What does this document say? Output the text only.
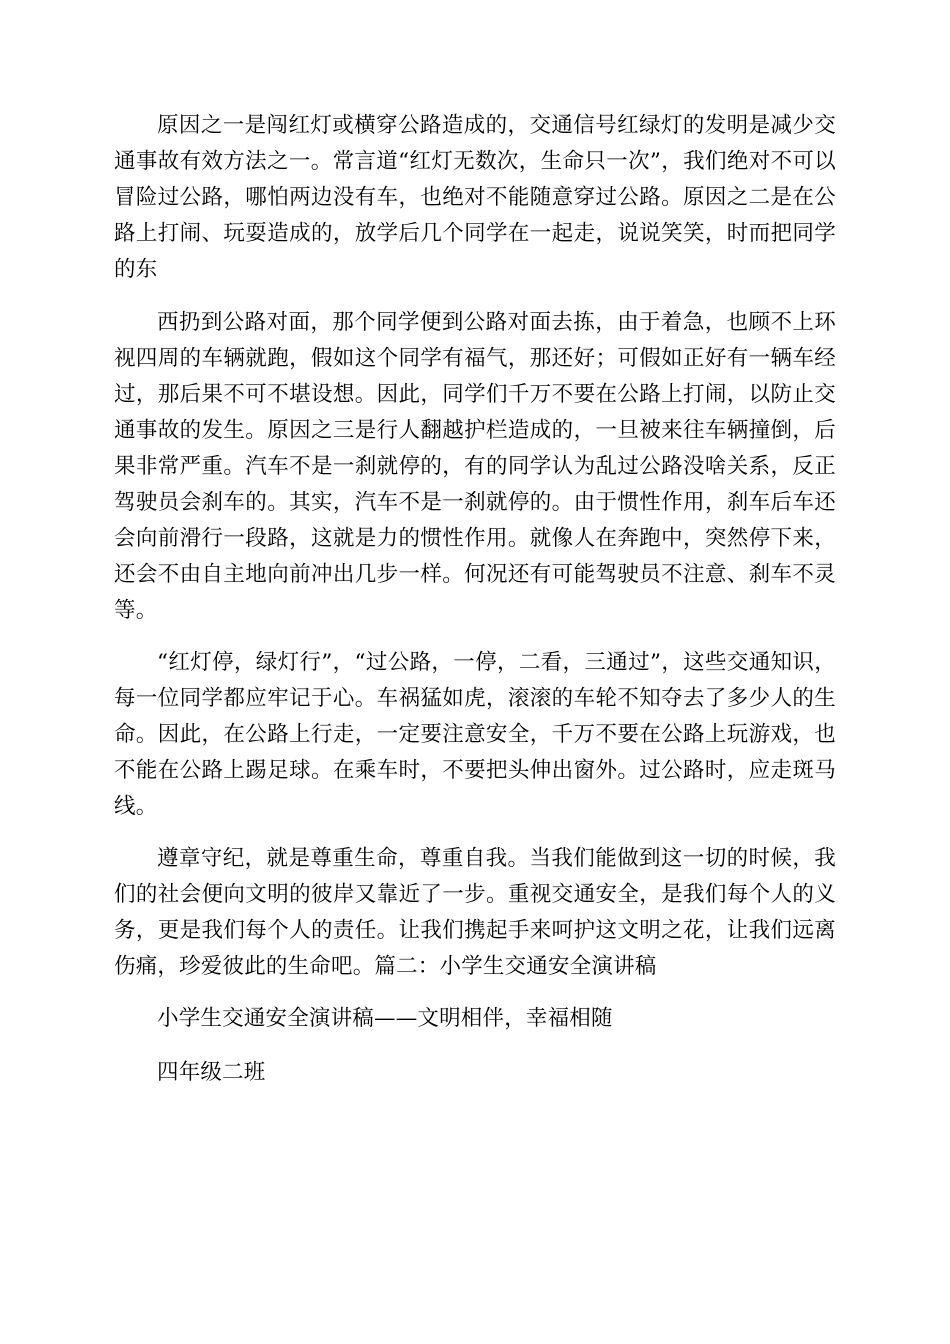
原因之一是闯红灯或横穿公路造成的，交通信号红绿灯的发明是减少交通事故有效方法之一。常言道“红灯无数次，生命只一次”，我们绝对不可以冒险过公路，哪怕两边没有车，也绝对不能随意穿过公路。原因之二是在公路上打闹、玩耍造成的，放学后几个同学在一起走，说说笑笑，时而把同学的东

西扔到公路对面，那个同学便到公路对面去拣，由于着急，也顾不上环视四周的车辆就跑，假如这个同学有福气，那还好；可假如正好有一辆车经过，那后果不可不堪设想。因此，同学们千万不要在公路上打闹，以防止交通事故的发生。原因之三是行人翻越护栏造成的，一旦被来往车辆撞倒，后果非常严重。汽车不是一刹就停的，有的同学认为乱过公路没啥关系，反正驾驶员会刹车的。其实，汽车不是一刹就停的。由于惯性作用，刹车后车还会向前滑行一段路，这就是力的惯性作用。就像人在奔跑中，突然停下来，还会不由自主地向前冲出几步一样。何况还有可能驾驶员不注意、刹车不灵等。

“红灯停，绿灯行”，“过公路，一停，二看，三通过”，这些交通知识，每一位同学都应牢记于心。车祸猛如虎，滚滚的车轮不知夺去了多少人的生命。因此，在公路上行走，一定要注意安全，千万不要在公路上玩游戏，也不能在公路上踢足球。在乘车时，不要把头伸出窗外。过公路时，应走斑马线。

遵章守纪，就是尊重生命，尊重自我。当我们能做到这一切的时候，我们的社会便向文明的彼岸又靠近了一步。重视交通安全，是我们每个人的义务，更是我们每个人的责任。让我们携起手来呵护这文明之花，让我们远离伤痛，珍爱彼此的生命吧。篇二：小学生交通安全演讲稿

小学生交通安全演讲稿——文明相伴，幸福相随

四年级二班
